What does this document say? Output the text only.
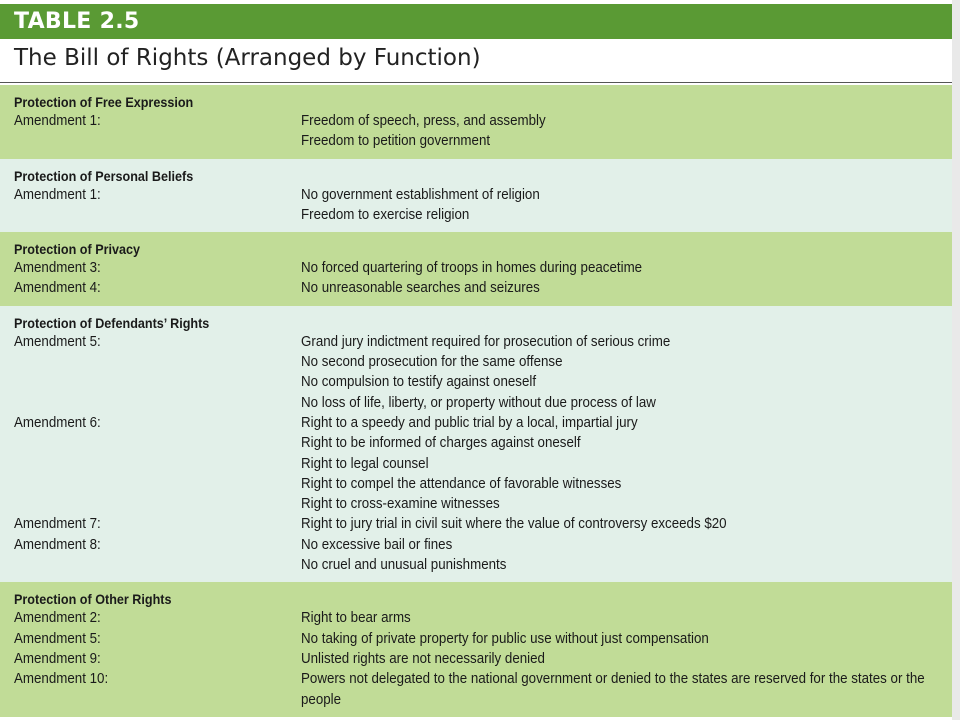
TABLE 2.5
The Bill of Rights (Arranged by Function)
Protection of Free Expression
Amendment 1:	Freedom of speech, press, and assembly
Freedom to petition government
Protection of Personal Beliefs
Amendment 1:	No government establishment of religion
Freedom to exercise religion
Protection of Privacy
Amendment 3:	No forced quartering of troops in homes during peacetime
Amendment 4:	No unreasonable searches and seizures
Protection of Defendants’ Rights
Amendment 5:	Grand jury indictment required for prosecution of serious crime
No second prosecution for the same offense
No compulsion to testify against oneself
No loss of life, liberty, or property without due process of law
Amendment 6:	Right to a speedy and public trial by a local, impartial jury
Right to be informed of charges against oneself
Right to legal counsel
Right to compel the attendance of favorable witnesses
Right to cross-examine witnesses
Amendment 7:	Right to jury trial in civil suit where the value of controversy exceeds $20
Amendment 8:	No excessive bail or fines
No cruel and unusual punishments
Protection of Other Rights
Amendment 2:	Right to bear arms
Amendment 5:	No taking of private property for public use without just compensation
Amendment 9:	Unlisted rights are not necessarily denied
Amendment 10:	Powers not delegated to the national government or denied to the states are reserved for the states or the people
